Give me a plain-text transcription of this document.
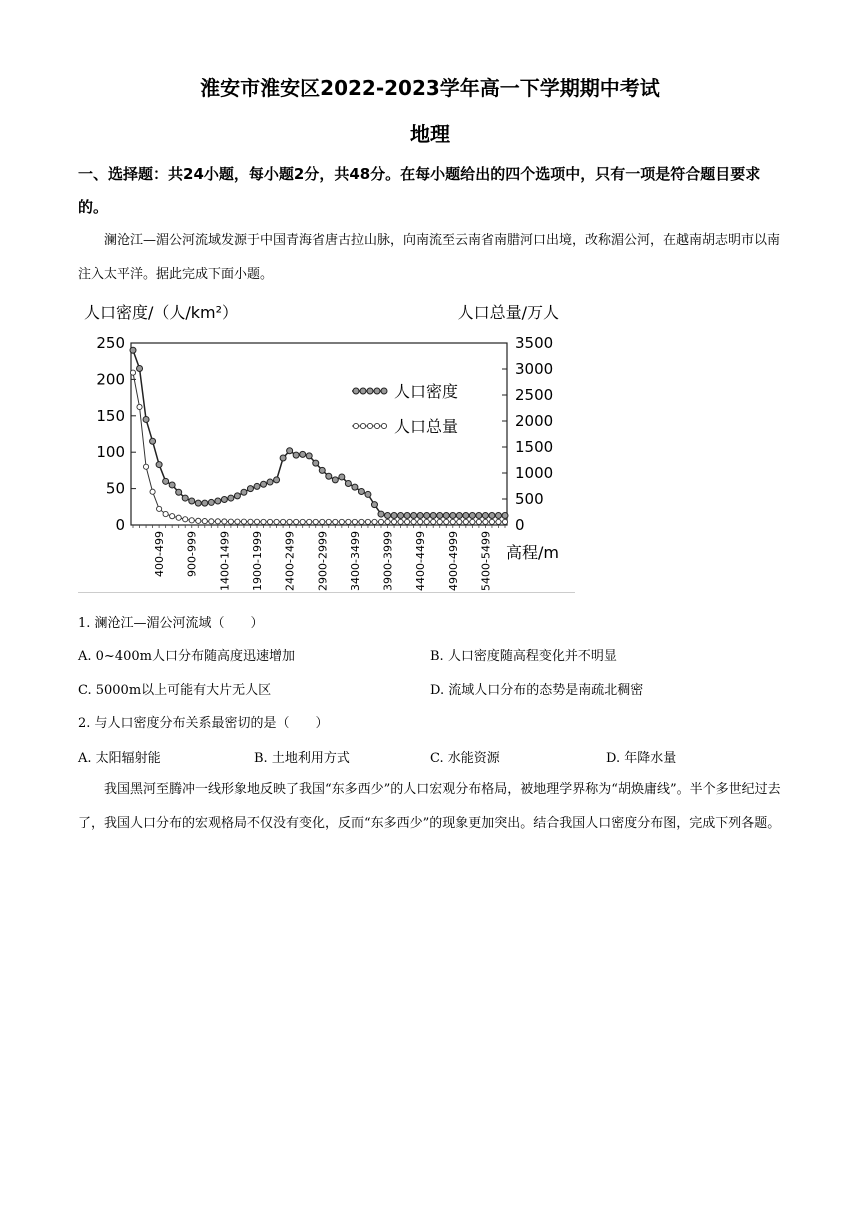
淮安市淮安区2022-2023学年高一下学期期中考试
地理
一、选择题：共24小题，每小题2分，共48分。在每小题给出的四个选项中，只有一项是符合题目要求的。
澜沧江—湄公河流域发源于中国青海省唐古拉山脉，向南流至云南省南腊河口出境，改称湄公河，在越南胡志明市以南注入太平洋。据此完成下面小题。
人口密度/（人/km²）	人口总量/万人
250
200
150
100
50
0
3500
3000
2500
2000
1500
1000
500
0
400-499 900-999 1400-1499 1900-1999 2400-2499 2900-2999 3400-3499 3900-3999 4400-4499 4900-4999 5400-5499 高程/m
人口密度
人口总量
1. 澜沧江—湄公河流域（　　）
A. 0~400m人口分布随高度迅速增加	B. 人口密度随高程变化并不明显
C. 5000m以上可能有大片无人区	D. 流域人口分布的态势是南疏北稠密
2. 与人口密度分布关系最密切的是（　　）
A. 太阳辐射能	B. 土地利用方式	C. 水能资源	D. 年降水量
我国黑河至腾冲一线形象地反映了我国“东多西少”的人口宏观分布格局，被地理学界称为“胡焕庸线”。半个多世纪过去了，我国人口分布的宏观格局不仅没有变化，反而“东多西少”的现象更加突出。结合我国人口密度分布图，完成下列各题。
